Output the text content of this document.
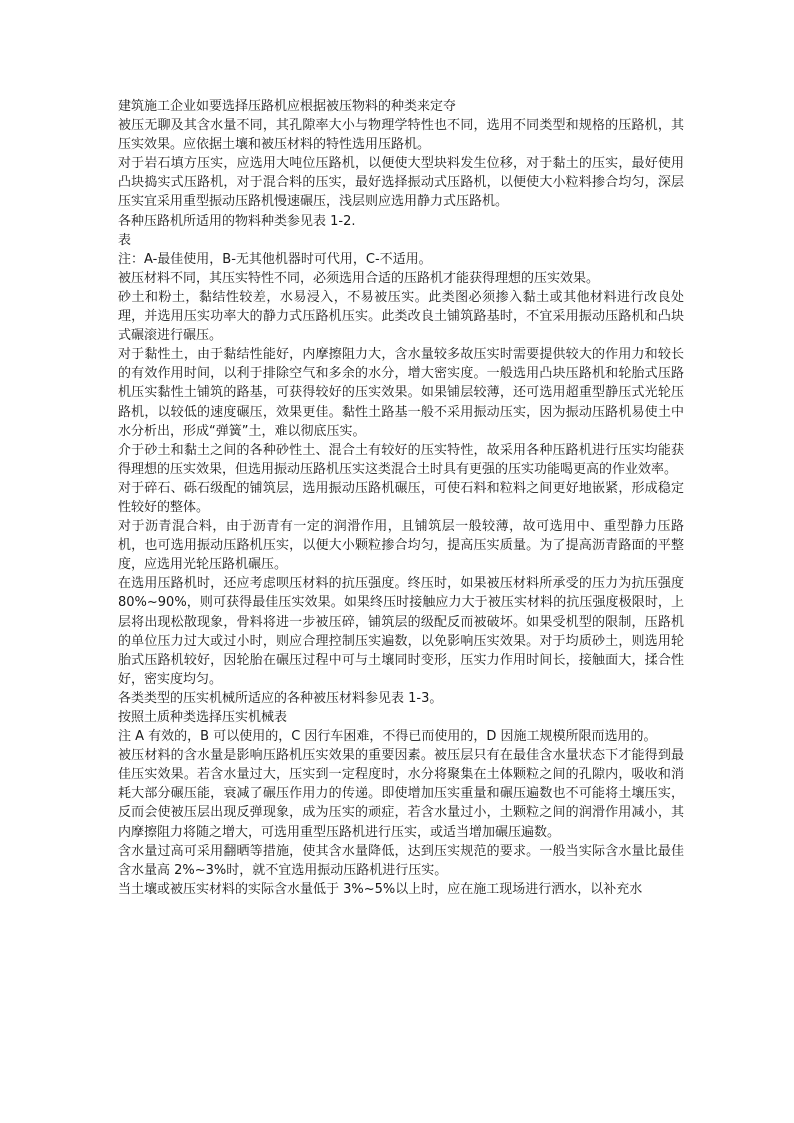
建筑施工企业如要选择压路机应根据被压物料的种类来定夺

被压无聊及其含水量不同，其孔隙率大小与物理学特性也不同，选用不同类型和规格的压路机，其压实效果。应依据土壤和被压材料的特性选用压路机。

对于岩石填方压实，应选用大吨位压路机，以便使大型块料发生位移，对于黏土的压实，最好使用凸块捣实式压路机，对于混合料的压实，最好选择振动式压路机，以便使大小粒料掺合均匀，深层压实宜采用重型振动压路机慢速碾压，浅层则应选用静力式压路机。

各种压路机所适用的物料种类参见表 1-2.

表

注：A-最佳使用，B-无其他机器时可代用，C-不适用。

被压材料不同，其压实特性不同，必须选用合适的压路机才能获得理想的压实效果。

砂土和粉土，黏结性较差，水易浸入，不易被压实。此类图必须掺入黏土或其他材料进行改良处理，并选用压实功率大的静力式压路机压实。此类改良土铺筑路基时，不宜采用振动压路机和凸块式碾滚进行碾压。

对于黏性土，由于黏结性能好，内摩擦阻力大，含水量较多故压实时需要提供较大的作用力和较长的有效作用时间，以利于排除空气和多余的水分，增大密实度。一般选用凸块压路机和轮胎式压路机压实黏性土铺筑的路基，可获得较好的压实效果。如果铺层较薄，还可选用超重型静压式光轮压路机，以较低的速度碾压，效果更佳。黏性土路基一般不采用振动压实，因为振动压路机易使土中水分析出，形成“弹簧”土，难以彻底压实。

介于砂土和黏土之间的各种砂性土、混合土有较好的压实特性，故采用各种压路机进行压实均能获得理想的压实效果，但选用振动压路机压实这类混合土时具有更强的压实功能喝更高的作业效率。

对于碎石、砾石级配的铺筑层，选用振动压路机碾压，可使石料和粒料之间更好地嵌紧，形成稳定性较好的整体。

对于沥青混合料，由于沥青有一定的润滑作用，且铺筑层一般较薄，故可选用中、重型静力压路机，也可选用振动压路机压实，以便大小颗粒掺合均匀，提高压实质量。为了提高沥青路面的平整度，应选用光轮压路机碾压。

在选用压路机时，还应考虑呗压材料的抗压强度。终压时，如果被压材料所承受的压力为抗压强度 80%~90%，则可获得最佳压实效果。如果终压时接触应力大于被压实材料的抗压强度极限时，上层将出现松散现象，骨料将进一步被压碎，铺筑层的级配反而被破坏。如果受机型的限制，压路机的单位压力过大或过小时，则应合理控制压实遍数，以免影响压实效果。对于均质砂土，则选用轮胎式压路机较好，因轮胎在碾压过程中可与土壤同时变形，压实力作用时间长，接触面大，揉合性好，密实度均匀。

各类类型的压实机械所适应的各种被压材料参见表 1-3。

按照土质种类选择压实机械表

注 A 有效的，B 可以使用的，C 因行车困难，不得已而使用的，D 因施工规模所限而选用的。

被压材料的含水量是影响压路机压实效果的重要因素。被压层只有在最佳含水量状态下才能得到最佳压实效果。若含水量过大，压实到一定程度时，水分将聚集在土体颗粒之间的孔隙内，吸收和消耗大部分碾压能，衰减了碾压作用力的传递。即使增加压实重量和碾压遍数也不可能将土壤压实，反而会使被压层出现反弹现象，成为压实的顽症，若含水量过小，土颗粒之间的润滑作用减小，其内摩擦阻力将随之增大，可选用重型压路机进行压实，或适当增加碾压遍数。

含水量过高可采用翻晒等措施，使其含水量降低，达到压实规范的要求。一般当实际含水量比最佳含水量高 2%~3%时，就不宜选用振动压路机进行压实。

当土壤或被压实材料的实际含水量低于 3%~5%以上时，应在施工现场进行洒水，以补充水
